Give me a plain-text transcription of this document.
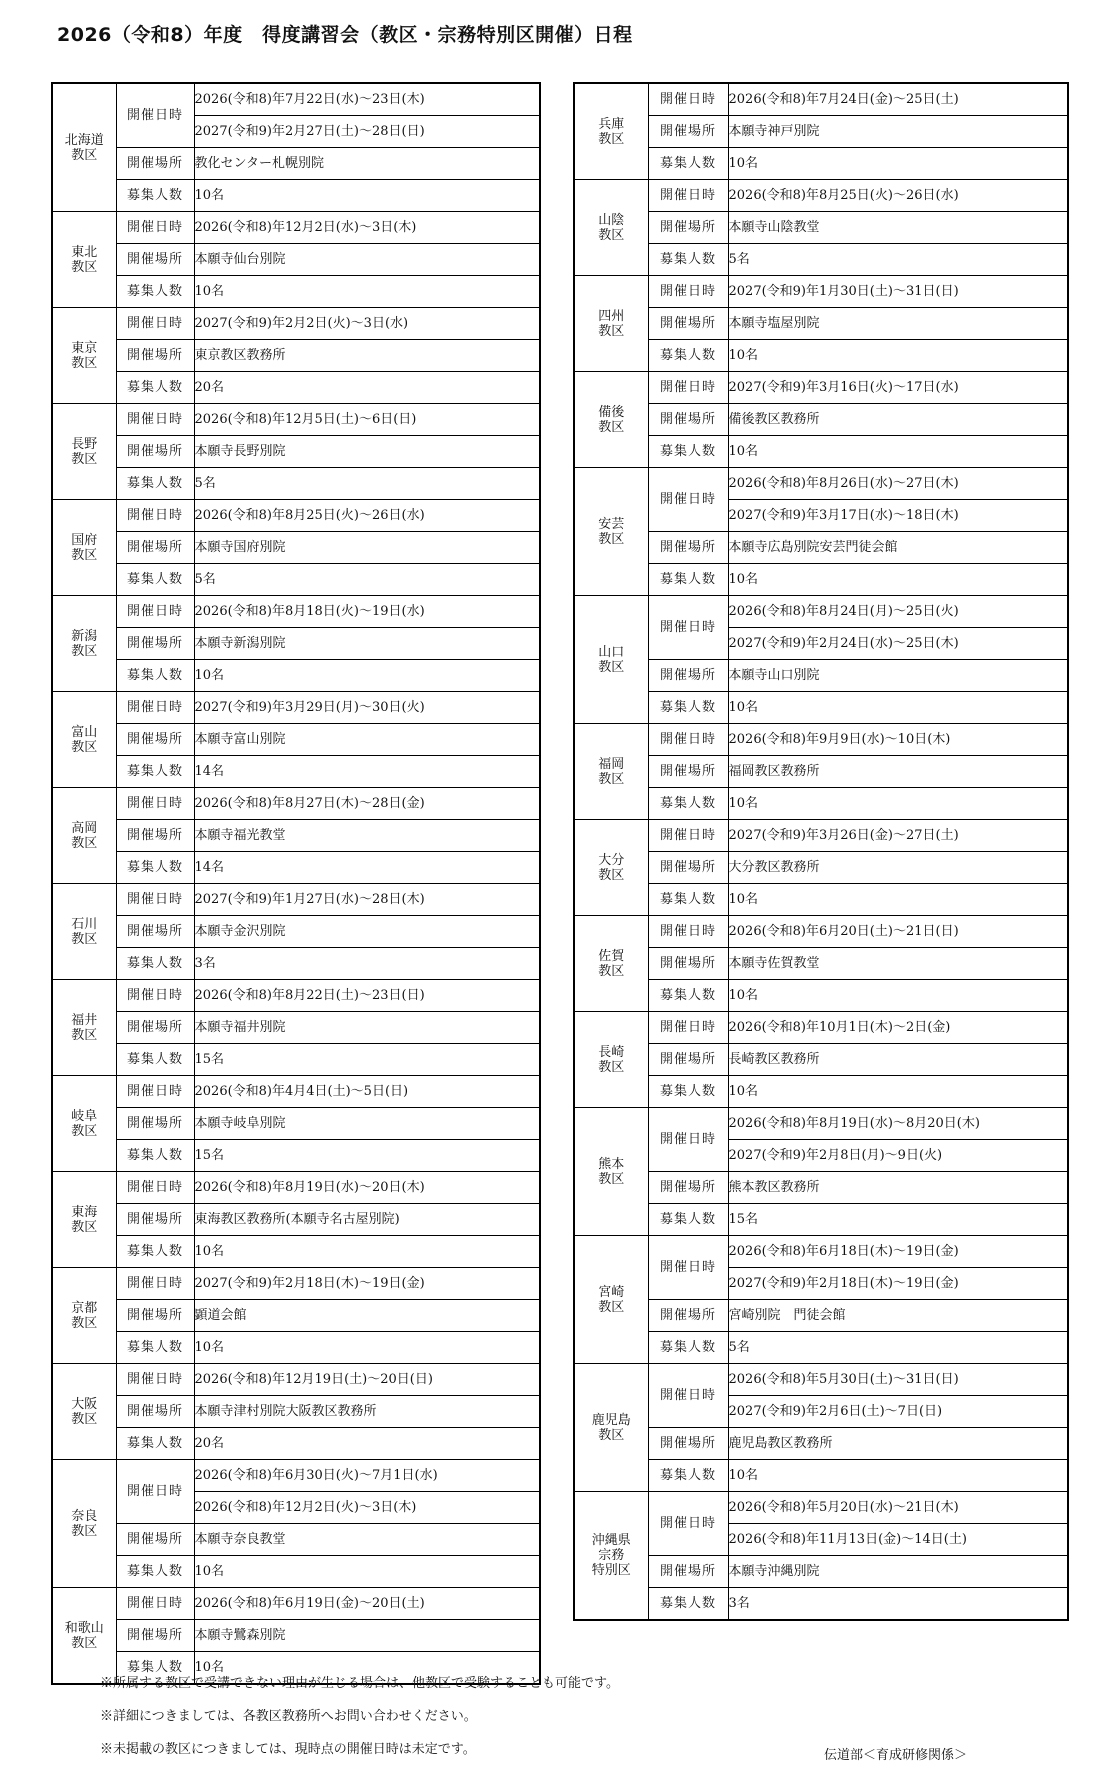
2026（令和8）年度　得度講習会（教区・宗務特別区開催）日程
北海道
教区	開催日時	2026(令和8)年7月22日(水)～23日(木)
		2027(令和9)年2月27日(土)～28日(日)
	開催場所	教化センター札幌別院
	募集人数	10名
東北
教区	開催日時	2026(令和8)年12月2日(水)～3日(木)
	開催場所	本願寺仙台別院
	募集人数	10名
東京
教区	開催日時	2027(令和9)年2月2日(火)～3日(水)
	開催場所	東京教区教務所
	募集人数	20名
長野
教区	開催日時	2026(令和8)年12月5日(土)～6日(日)
	開催場所	本願寺長野別院
	募集人数	5名
国府
教区	開催日時	2026(令和8)年8月25日(火)～26日(水)
	開催場所	本願寺国府別院
	募集人数	5名
新潟
教区	開催日時	2026(令和8)年8月18日(火)～19日(水)
	開催場所	本願寺新潟別院
	募集人数	10名
富山
教区	開催日時	2027(令和9)年3月29日(月)～30日(火)
	開催場所	本願寺富山別院
	募集人数	14名
高岡
教区	開催日時	2026(令和8)年8月27日(木)～28日(金)
	開催場所	本願寺福光教堂
	募集人数	14名
石川
教区	開催日時	2027(令和9)年1月27日(水)～28日(木)
	開催場所	本願寺金沢別院
	募集人数	3名
福井
教区	開催日時	2026(令和8)年8月22日(土)～23日(日)
	開催場所	本願寺福井別院
	募集人数	15名
岐阜
教区	開催日時	2026(令和8)年4月4日(土)～5日(日)
	開催場所	本願寺岐阜別院
	募集人数	15名
東海
教区	開催日時	2026(令和8)年8月19日(水)～20日(木)
	開催場所	東海教区教務所(本願寺名古屋別院)
	募集人数	10名
京都
教区	開催日時	2027(令和9)年2月18日(木)～19日(金)
	開催場所	顕道会館
	募集人数	10名
大阪
教区	開催日時	2026(令和8)年12月19日(土)～20日(日)
	開催場所	本願寺津村別院大阪教区教務所
	募集人数	20名
奈良
教区	開催日時	2026(令和8)年6月30日(火)～7月1日(水)
		2026(令和8)年12月2日(火)～3日(木)
	開催場所	本願寺奈良教堂
	募集人数	10名
和歌山
教区	開催日時	2026(令和8)年6月19日(金)～20日(土)
	開催場所	本願寺鷺森別院
	募集人数	10名
兵庫
教区	開催日時	2026(令和8)年7月24日(金)～25日(土)
	開催場所	本願寺神戸別院
	募集人数	10名
山陰
教区	開催日時	2026(令和8)年8月25日(火)～26日(水)
	開催場所	本願寺山陰教堂
	募集人数	5名
四州
教区	開催日時	2027(令和9)年1月30日(土)～31日(日)
	開催場所	本願寺塩屋別院
	募集人数	10名
備後
教区	開催日時	2027(令和9)年3月16日(火)～17日(水)
	開催場所	備後教区教務所
	募集人数	10名
安芸
教区	開催日時	2026(令和8)年8月26日(水)～27日(木)
		2027(令和9)年3月17日(水)～18日(木)
	開催場所	本願寺広島別院安芸門徒会館
	募集人数	10名
山口
教区	開催日時	2026(令和8)年8月24日(月)～25日(火)
		2027(令和9)年2月24日(水)～25日(木)
	開催場所	本願寺山口別院
	募集人数	10名
福岡
教区	開催日時	2026(令和8)年9月9日(水)～10日(木)
	開催場所	福岡教区教務所
	募集人数	10名
大分
教区	開催日時	2027(令和9)年3月26日(金)～27日(土)
	開催場所	大分教区教務所
	募集人数	10名
佐賀
教区	開催日時	2026(令和8)年6月20日(土)～21日(日)
	開催場所	本願寺佐賀教堂
	募集人数	10名
長崎
教区	開催日時	2026(令和8)年10月1日(木)～2日(金)
	開催場所	長崎教区教務所
	募集人数	10名
熊本
教区	開催日時	2026(令和8)年8月19日(水)～8月20日(木)
		2027(令和9)年2月8日(月)～9日(火)
	開催場所	熊本教区教務所
	募集人数	15名
宮崎
教区	開催日時	2026(令和8)年6月18日(木)～19日(金)
		2027(令和9)年2月18日(木)～19日(金)
	開催場所	宮崎別院　門徒会館
	募集人数	5名
鹿児島
教区	開催日時	2026(令和8)年5月30日(土)～31日(日)
		2027(令和9)年2月6日(土)～7日(日)
	開催場所	鹿児島教区教務所
	募集人数	10名
沖縄県
宗務
特別区	開催日時	2026(令和8)年5月20日(水)～21日(木)
		2026(令和8)年11月13日(金)～14日(土)
	開催場所	本願寺沖縄別院
	募集人数	3名
※所属する教区で受講できない理由が生じる場合は、他教区で受験することも可能です。
※詳細につきましては、各教区教務所へお問い合わせください。
※未掲載の教区につきましては、現時点の開催日時は未定です。	伝道部＜育成研修関係＞
